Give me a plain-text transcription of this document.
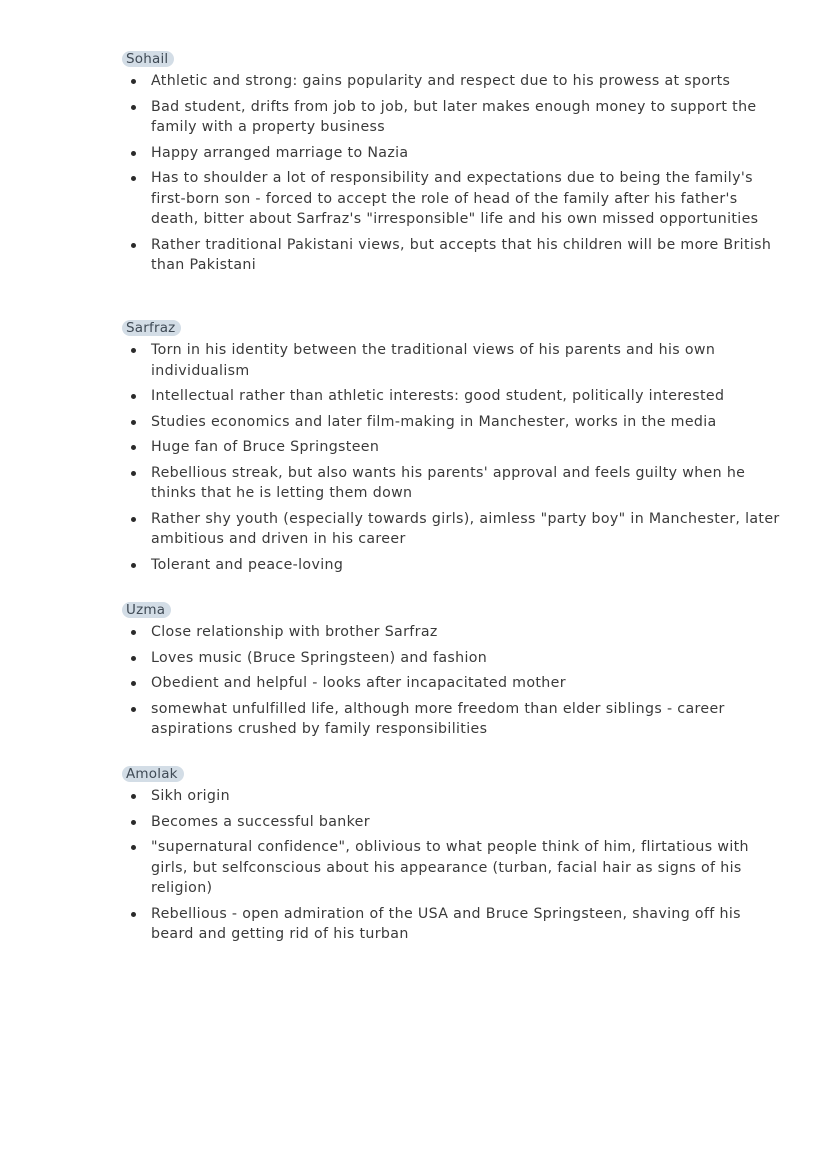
Sohail
Athletic and strong: gains popularity and respect due to his prowess at sports
Bad student, drifts from job to job, but later makes enough money to support the family with a property business
Happy arranged marriage to Nazia
Has to shoulder a lot of responsibility and expectations due to being the family's first-born son - forced to accept the role of head of the family after his father's death, bitter about Sarfraz's "irresponsible" life and his own missed opportunities
Rather traditional Pakistani views, but accepts that his children will be more British than Pakistani
Sarfraz
Torn in his identity between the traditional views of his parents and his own individualism
Intellectual rather than athletic interests: good student, politically interested
Studies economics and later film-making in Manchester, works in the media
Huge fan of Bruce Springsteen
Rebellious streak, but also wants his parents' approval and feels guilty when he thinks that he is letting them down
Rather shy youth (especially towards girls), aimless "party boy" in Manchester, later ambitious and driven in his career
Tolerant and peace-loving
Uzma
Close relationship with brother Sarfraz
Loves music (Bruce Springsteen) and fashion
Obedient and helpful - looks after incapacitated mother
somewhat unfulfilled life, although more freedom than elder siblings - career aspirations crushed by family responsibilities
Amolak
Sikh origin
Becomes a successful banker
"supernatural confidence", oblivious to what people think of him, flirtatious with girls, but selfconscious about his appearance (turban, facial hair as signs of his religion)
Rebellious - open admiration of the USA and Bruce Springsteen, shaving off his beard and getting rid of his turban
